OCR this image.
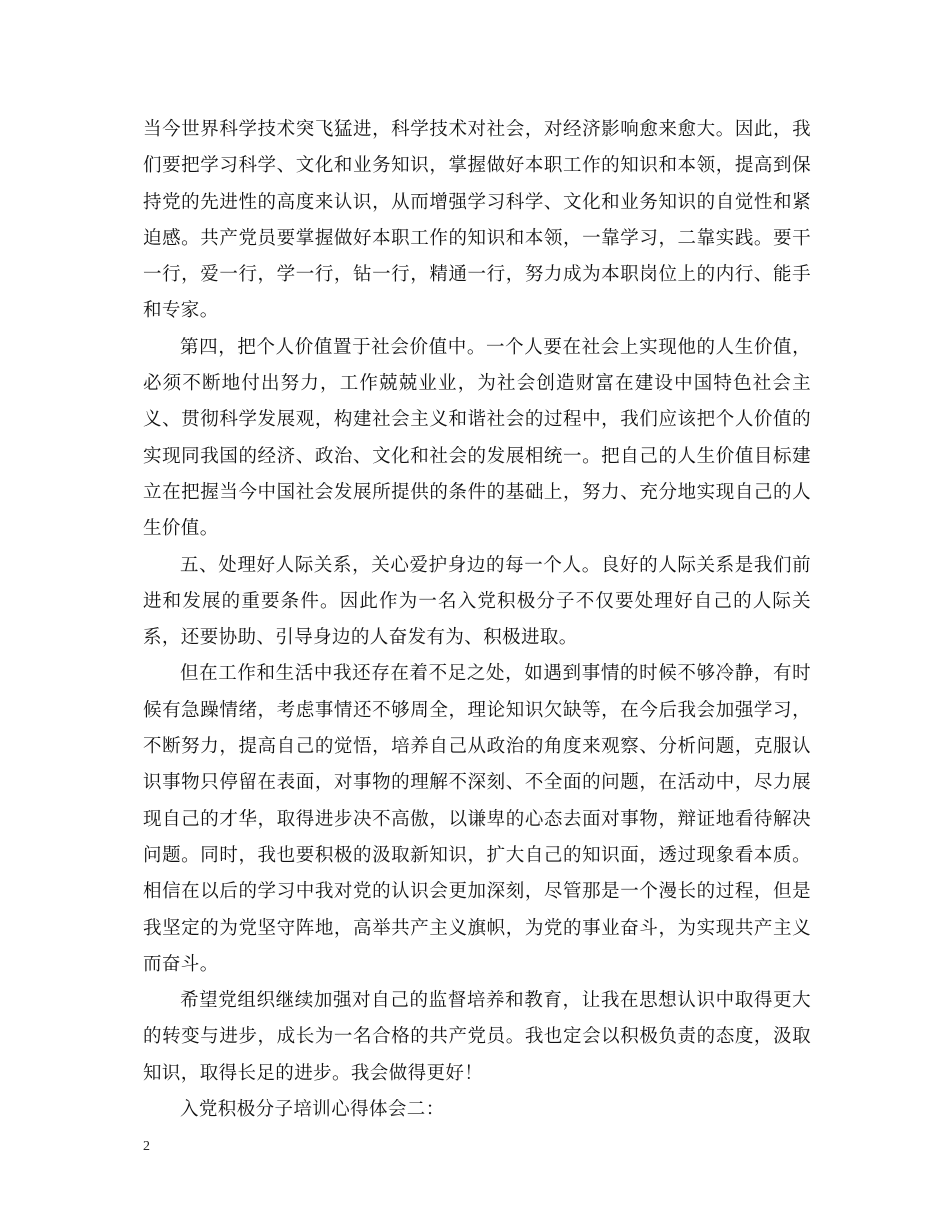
当今世界科学技术突飞猛进，科学技术对社会，对经济影响愈来愈大。因此，我们要把学习科学、文化和业务知识，掌握做好本职工作的知识和本领，提高到保持党的先进性的高度来认识，从而增强学习科学、文化和业务知识的自觉性和紧迫感。共产党员要掌握做好本职工作的知识和本领，一靠学习，二靠实践。要干一行，爱一行，学一行，钻一行，精通一行，努力成为本职岗位上的内行、能手和专家。

第四，把个人价值置于社会价值中。一个人要在社会上实现他的人生价值，必须不断地付出努力，工作兢兢业业，为社会创造财富在建设中国特色社会主义、贯彻科学发展观，构建社会主义和谐社会的过程中，我们应该把个人价值的实现同我国的经济、政治、文化和社会的发展相统一。把自己的人生价值目标建立在把握当今中国社会发展所提供的条件的基础上，努力、充分地实现自己的人生价值。

五、处理好人际关系，关心爱护身边的每一个人。良好的人际关系是我们前进和发展的重要条件。因此作为一名入党积极分子不仅要处理好自己的人际关系，还要协助、引导身边的人奋发有为、积极进取。

但在工作和生活中我还存在着不足之处，如遇到事情的时候不够冷静，有时候有急躁情绪，考虑事情还不够周全，理论知识欠缺等，在今后我会加强学习，不断努力，提高自己的觉悟，培养自己从政治的角度来观察、分析问题，克服认识事物只停留在表面，对事物的理解不深刻、不全面的问题，在活动中，尽力展现自己的才华，取得进步决不高傲，以谦卑的心态去面对事物，辩证地看待解决问题。同时，我也要积极的汲取新知识，扩大自己的知识面，透过现象看本质。相信在以后的学习中我对党的认识会更加深刻，尽管那是一个漫长的过程，但是我坚定的为党坚守阵地，高举共产主义旗帜，为党的事业奋斗，为实现共产主义而奋斗。

希望党组织继续加强对自己的监督培养和教育，让我在思想认识中取得更大的转变与进步，成长为一名合格的共产党员。我也定会以积极负责的态度，汲取知识，取得长足的进步。我会做得更好！

入党积极分子培训心得体会二：

2
